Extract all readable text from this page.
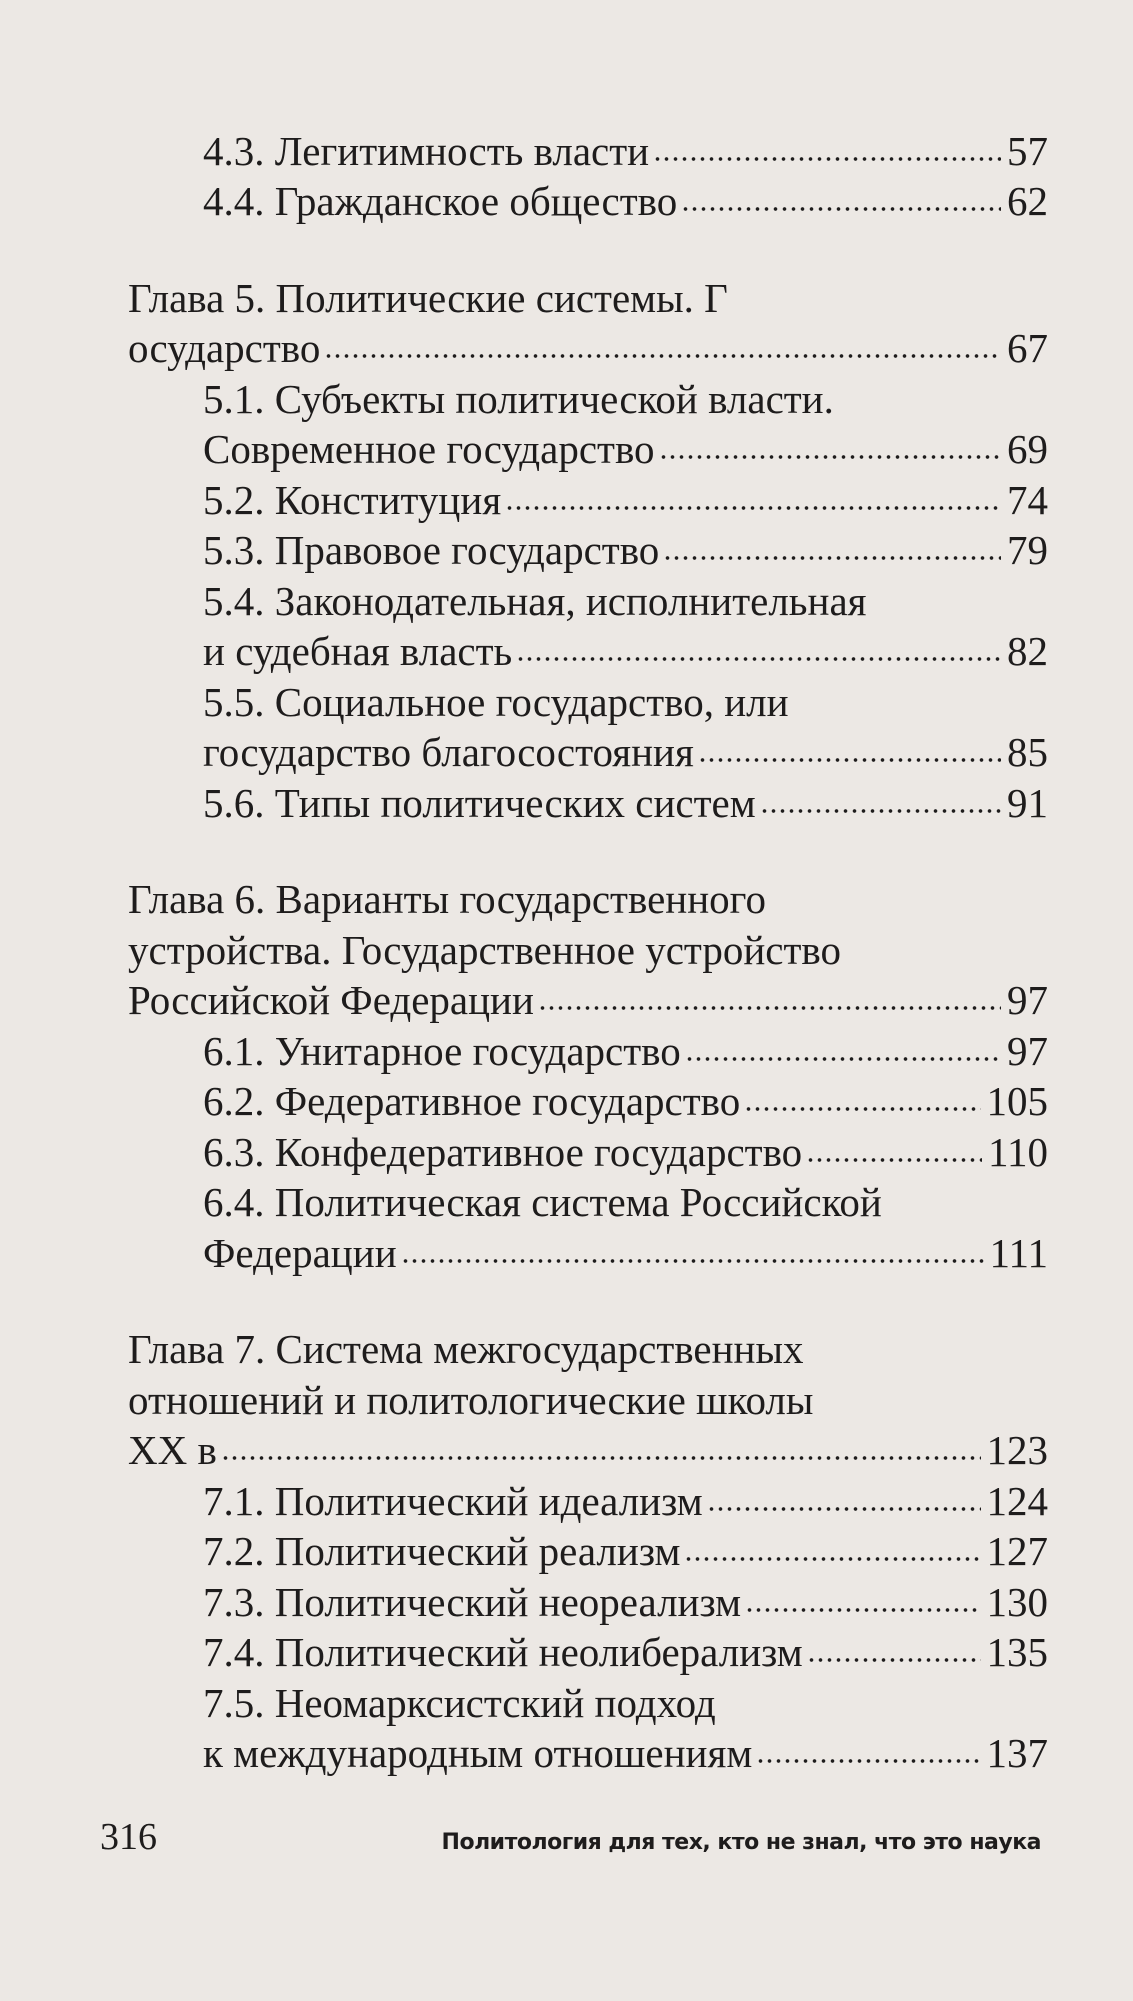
4.3. Легитимность власти	57
4.4. Гражданское общество	62
Глава 5. Политические системы. Г
осударство	67
5.1. Субъекты политической власти.
Современное государство	69
5.2. Конституция	74
5.3. Правовое государство	79
5.4. Законодательная, исполнительная
и судебная власть	82
5.5. Социальное государство, или
государство благосостояния	85
5.6. Типы политических систем	91
Глава 6. Варианты государственного
устройства. Государственное устройство
Российской Федерации	97
6.1. Унитарное государство	97
6.2. Федеративное государство	105
6.3. Конфедеративное государство	110
6.4. Политическая система Российской
Федерации	111
Глава 7. Система межгосударственных
отношений и политологические школы
XX в	123
7.1. Политический идеализм	124
7.2. Политический реализм	127
7.3. Политический неореализм	130
7.4. Политический неолиберализм	135
7.5. Неомарксистский подход
к международным отношениям	137
316	Политология для тех, кто не знал, что это наука
